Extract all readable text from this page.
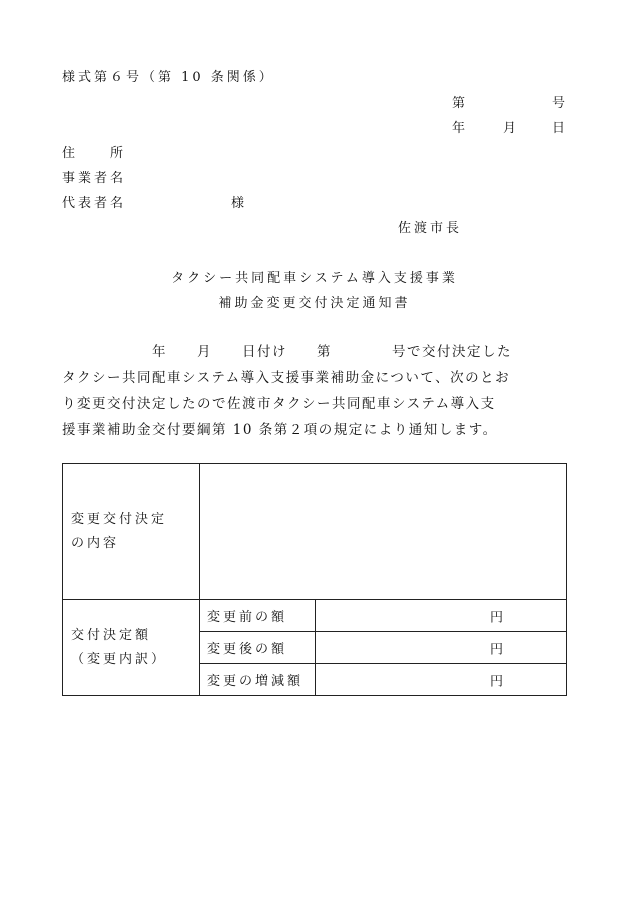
様式第６号（第 10 条関係）
第	号
年	月	日
住　　所
事業者名
代表者名	様
佐渡市長
タクシー共同配車システム導入支援事業
補助金変更交付決定通知書
　　　　　　年　　月　　日付け　　第　　　　号で交付決定した
タクシー共同配車システム導入支援事業補助金について、次のとお
り変更交付決定したので佐渡市タクシー共同配車システム導入支
援事業補助金交付要綱第 10 条第２項の規定により通知します。
変更交付決定
の内容		

交付決定額
（変更内訳）	変更前の額	円

	変更後の額	円

	変更の増減額	円
